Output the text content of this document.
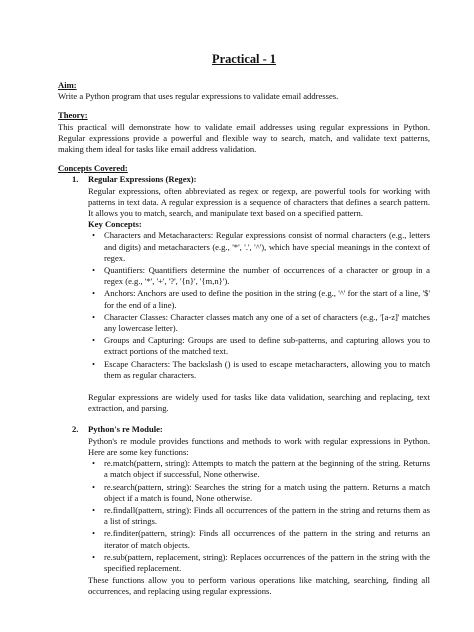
Practical - 1
Aim:

Write a Python program that uses regular expressions to validate email addresses.

Theory:

This practical will demonstrate how to validate email addresses using regular expressions in Python. Regular expressions provide a powerful and flexible way to search, match, and validate text patterns, making them ideal for tasks like email address validation.

Concepts Covered:
1. Regular Expressions (Regex):

Regular expressions, often abbreviated as regex or regexp, are powerful tools for working with patterns in text data. A regular expression is a sequence of characters that defines a search pattern. It allows you to match, search, and manipulate text based on a specified pattern.

Key Concepts:
• Characters and Metacharacters: Regular expressions consist of normal characters (e.g., letters and digits) and metacharacters (e.g., '*', '.', '^'), which have special meanings in the context of regex.
• Quantifiers: Quantifiers determine the number of occurrences of a character or group in a regex (e.g., '*', '+', '?', '{n}', '{m,n}').
• Anchors: Anchors are used to define the position in the string (e.g., '^' for the start of a line, '$' for the end of a line).
• Character Classes: Character classes match any one of a set of characters (e.g., '[a-z]' matches any lowercase letter).
• Groups and Capturing: Groups are used to define sub-patterns, and capturing allows you to extract portions of the matched text.
• Escape Characters: The backslash () is used to escape metacharacters, allowing you to match them as regular characters.

Regular expressions are widely used for tasks like data validation, searching and replacing, text extraction, and parsing.

2. Python's re Module:

Python's re module provides functions and methods to work with regular expressions in Python. Here are some key functions:

• re.match(pattern, string): Attempts to match the pattern at the beginning of the string. Returns a match object if successful, None otherwise.
• re.search(pattern, string): Searches the string for a match using the pattern. Returns a match object if a match is found, None otherwise.
• re.findall(pattern, string): Finds all occurrences of the pattern in the string and returns them as a list of strings.
• re.finditer(pattern, string): Finds all occurrences of the pattern in the string and returns an iterator of match objects.
• re.sub(pattern, replacement, string): Replaces occurrences of the pattern in the string with the specified replacement.

These functions allow you to perform various operations like matching, searching, finding all occurrences, and replacing using regular expressions.
